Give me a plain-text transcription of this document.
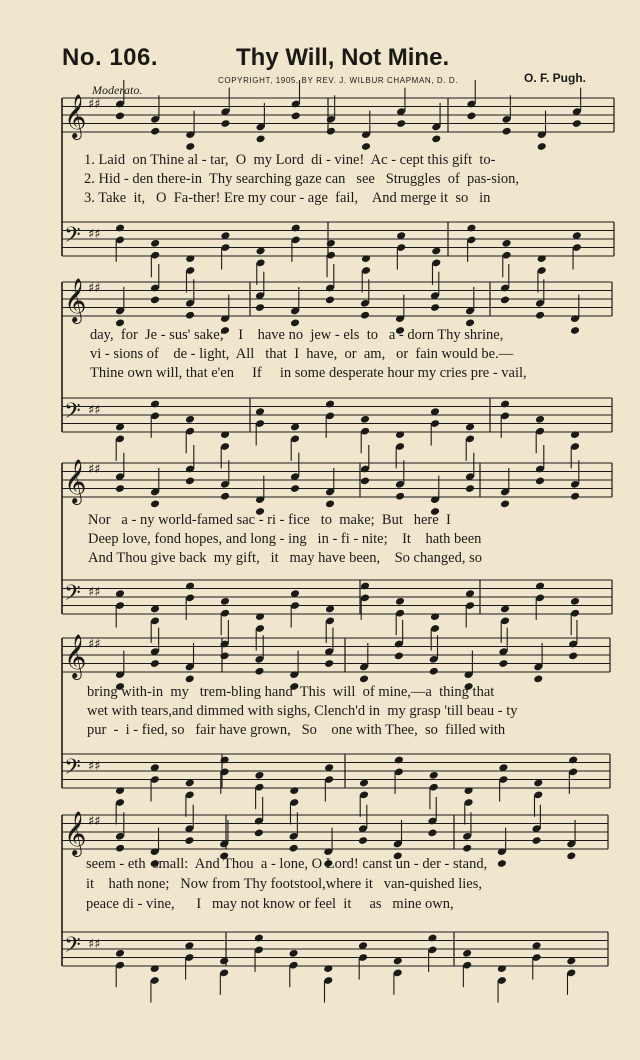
No. 106.	Thy Will, Not Mine.
COPYRIGHT, 1905, BY REV. J. WILBUR CHAPMAN, D. D.	O. F. Pugh.
Moderato.
𝄞 ♯♯
𝄢 ♯♯
𝄞 ♯♯
𝄢 ♯♯
𝄞 ♯♯
𝄢 ♯♯
𝄞 ♯♯
𝄢 ♯♯
𝄞 ♯♯
𝄢 ♯♯
1. Laid  on Thine al - tar,  O  my Lord  di - vine!  Ac - cept this gift  to-
2. Hid - den there-in  Thy searching gaze can   see   Struggles  of  pas-sion,
3. Take  it,   O  Fa-ther! Ere my cour - age  fail,    And merge it  so   in
day,  for  Je - sus' sake;    I    have no  jew - els  to   a - dorn Thy shrine,
vi - sions of    de - light,  All   that  I  have,  or  am,   or  fain would be.—
Thine own will, that e'en     If     in some desperate hour my cries pre - vail,
Nor   a - ny world-famed sac - ri - fice   to  make;  But   here  I
Deep love, fond hopes, and long - ing   in - fi - nite;    It    hath been
And Thou give back  my gift,   it   may have been,    So changed, so
bring with-in  my   trem-bling hand  This  will  of mine,—a  thing that
wet with tears,and dimmed with sighs, Clench'd in  my grasp 'till beau - ty
pur  -  i - fied, so   fair have grown,   So    one with Thee,  so  filled with
seem - eth  small:  And Thou  a - lone, O Lord! canst un - der - stand,
it    hath none;   Now from Thy footstool,where it   van-quished lies,
peace di - vine,      I   may not know or feel  it     as   mine own,
